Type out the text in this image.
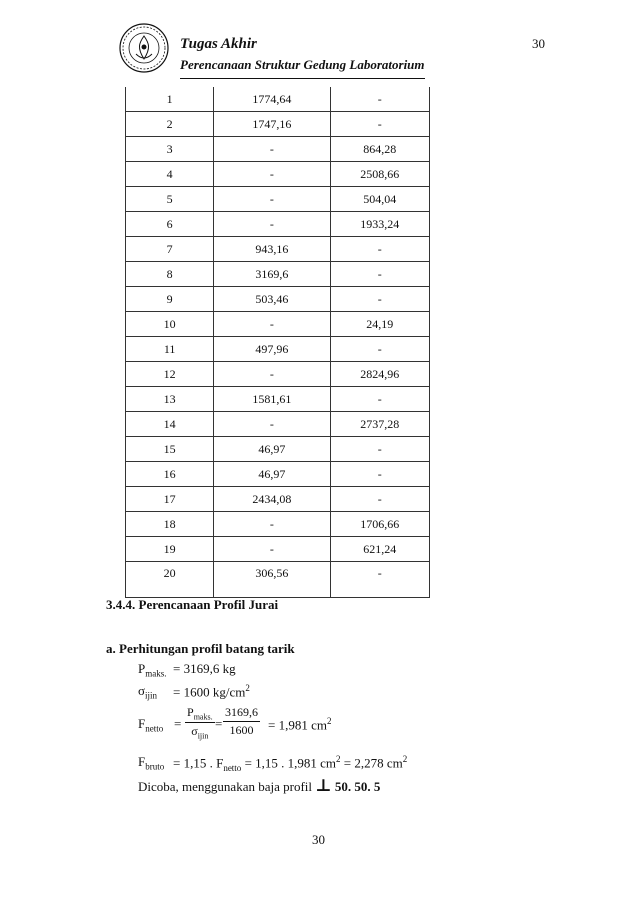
Tugas Akhir
Perencanaan Struktur Gedung Laboratorium
30
1	1774,64	-
2	1747,16	-
3	-	864,28
4	-	2508,66
5	-	504,04
6	-	1933,24
7	943,16	-
8	3169,6	-
9	503,46	-
10	-	24,19
11	497,96	-
12	-	2824,96
13	1581,61	-
14	-	2737,28
15	46,97	-
16	46,97	-
17	2434,08	-
18	-	1706,66
19	-	621,24
20	306,56	-
3.4.4. Perencanaan Profil Jurai
a. Perhitungan profil batang tarik
$P_{maks.} = 3169,6$ kg
$\sigma_{ijin} = 1600$ $kg/cm^2$
$F_{netto}$ =
$P_{maks.}$
$\sigma_{ijin}$
= $\frac{3169,6}{1600} = 1,981$ $cm^2$
$F_{bruto} = 1,15$ . $F_{netto} = 1,15$ . 1,981 $cm^2 = 2,278$ $cm^2$
Dicoba, menggunakan baja profil ⊥ 50. 50. 5
30
